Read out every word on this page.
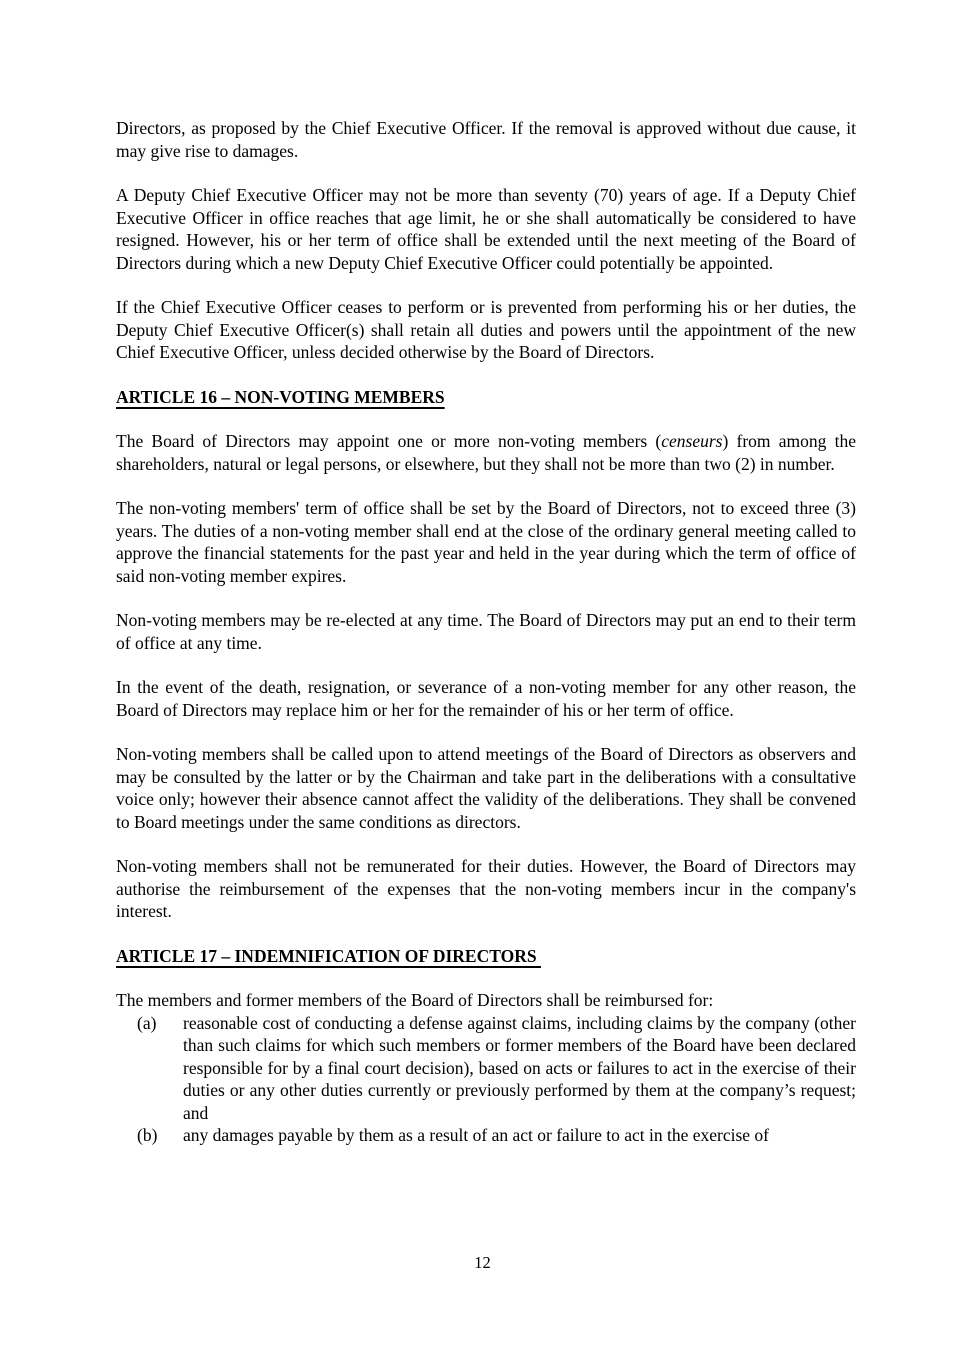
Directors, as proposed by the Chief Executive Officer. If the removal is approved without due cause, it may give rise to damages.

A Deputy Chief Executive Officer may not be more than seventy (70) years of age. If a Deputy Chief Executive Officer in office reaches that age limit, he or she shall automatically be considered to have resigned. However, his or her term of office shall be extended until the next meeting of the Board of Directors during which a new Deputy Chief Executive Officer could potentially be appointed.

If the Chief Executive Officer ceases to perform or is prevented from performing his or her duties, the Deputy Chief Executive Officer(s) shall retain all duties and powers until the appointment of the new Chief Executive Officer, unless decided otherwise by the Board of Directors.

ARTICLE 16 – NON-VOTING MEMBERS

The Board of Directors may appoint one or more non-voting members (censeurs) from among the shareholders, natural or legal persons, or elsewhere, but they shall not be more than two (2) in number.

The non-voting members' term of office shall be set by the Board of Directors, not to exceed three (3) years. The duties of a non-voting member shall end at the close of the ordinary general meeting called to approve the financial statements for the past year and held in the year during which the term of office of said non-voting member expires.

Non-voting members may be re-elected at any time. The Board of Directors may put an end to their term of office at any time.

In the event of the death, resignation, or severance of a non-voting member for any other reason, the Board of Directors may replace him or her for the remainder of his or her term of office.

Non-voting members shall be called upon to attend meetings of the Board of Directors as observers and may be consulted by the latter or by the Chairman and take part in the deliberations with a consultative voice only; however their absence cannot affect the validity of the deliberations. They shall be convened to Board meetings under the same conditions as directors.

Non-voting members shall not be remunerated for their duties. However, the Board of Directors may authorise the reimbursement of the expenses that the non-voting members incur in the company's interest.

ARTICLE 17 – INDEMNIFICATION OF DIRECTORS

The members and former members of the Board of Directors shall be reimbursed for:

(a)	reasonable cost of conducting a defense against claims, including claims by the company (other than such claims for which such members or former members of the Board have been declared responsible for by a final court decision), based on acts or failures to act in the exercise of their duties or any other duties currently or previously performed by them at the company’s request; and
(b)	any damages payable by them as a result of an act or failure to act in the exercise of
12
